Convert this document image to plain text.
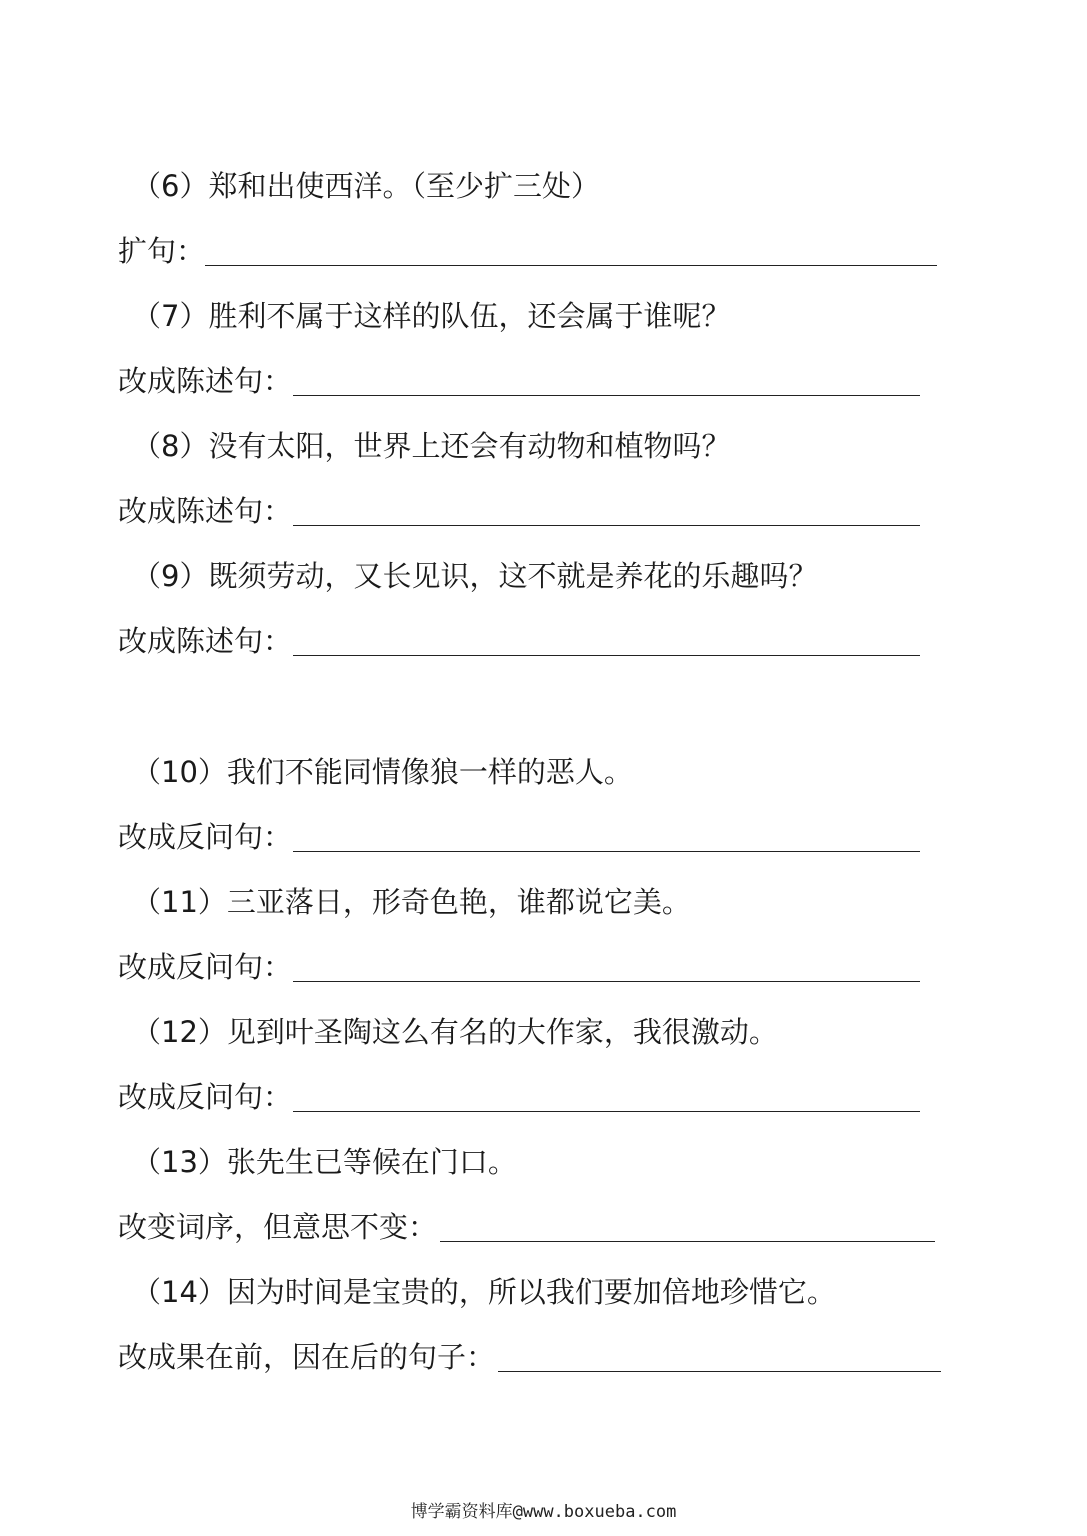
（6）郑和出使西洋。（至少扩三处）
扩句：
（7）胜利不属于这样的队伍，还会属于谁呢？
改成陈述句：
（8）没有太阳，世界上还会有动物和植物吗？
改成陈述句：
（9）既须劳动，又长见识，这不就是养花的乐趣吗？
改成陈述句：
（10）我们不能同情像狼一样的恶人。
改成反问句：
（11）三亚落日，形奇色艳，谁都说它美。
改成反问句：
（12）见到叶圣陶这么有名的大作家，我很激动。
改成反问句：
（13）张先生已等候在门口。
改变词序，但意思不变：
（14）因为时间是宝贵的，所以我们要加倍地珍惜它。
改成果在前，因在后的句子：
博学霸资料库@www.boxueba.com
